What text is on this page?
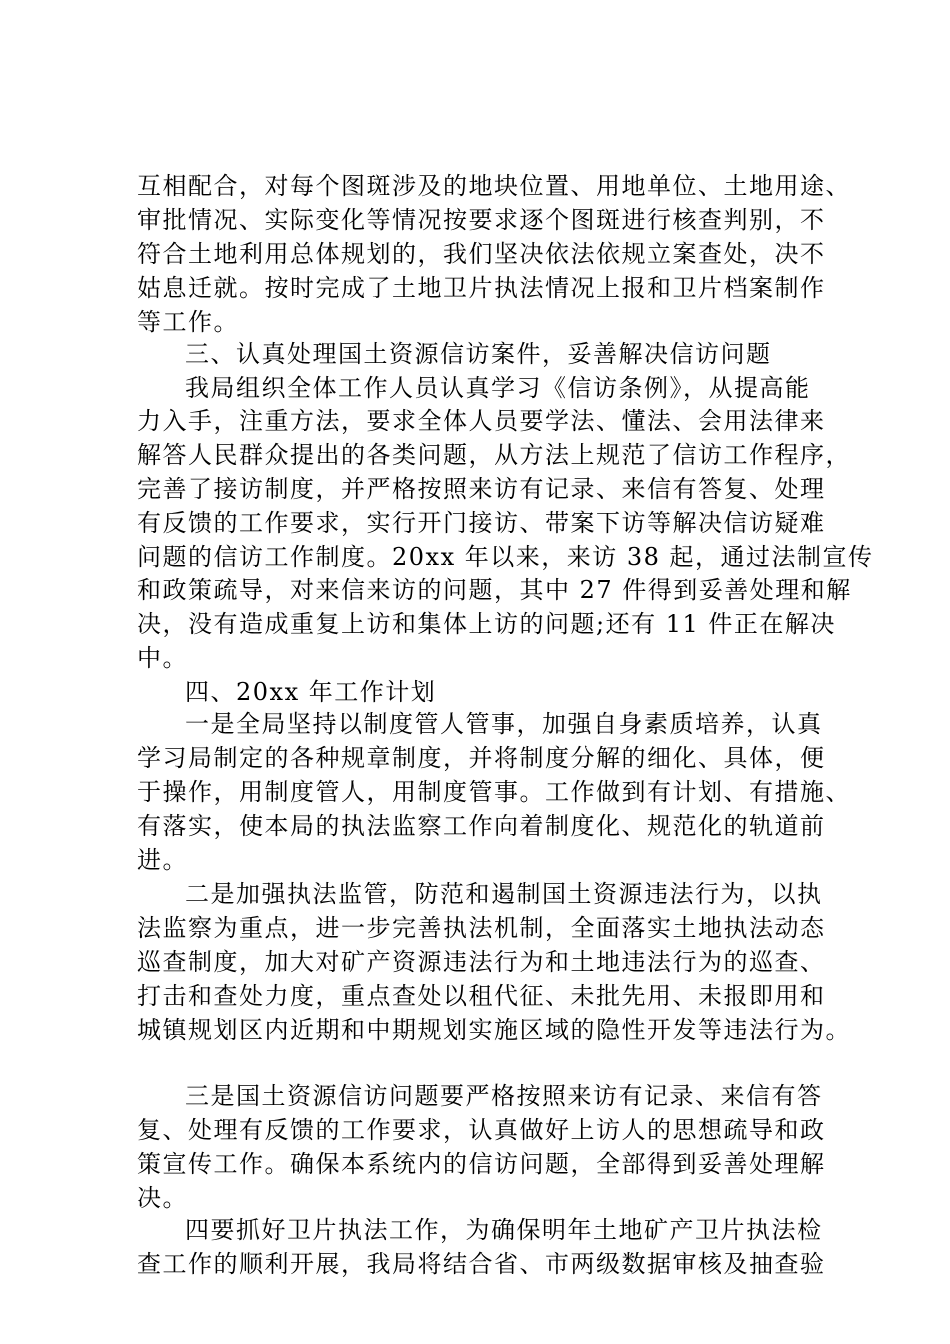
互相配合，对每个图斑涉及的地块位置、用地单位、土地用途、
审批情况、实际变化等情况按要求逐个图斑进行核查判别，不
符合土地利用总体规划的，我们坚决依法依规立案查处，决不
姑息迁就。按时完成了土地卫片执法情况上报和卫片档案制作
等工作。
三、认真处理国土资源信访案件，妥善解决信访问题
我局组织全体工作人员认真学习《信访条例》，从提高能
力入手，注重方法，要求全体人员要学法、懂法、会用法律来
解答人民群众提出的各类问题，从方法上规范了信访工作程序，
完善了接访制度，并严格按照来访有记录、来信有答复、处理
有反馈的工作要求，实行开门接访、带案下访等解决信访疑难
问题的信访工作制度。20xx 年以来，来访 38 起，通过法制宣传
和政策疏导，对来信来访的问题，其中 27 件得到妥善处理和解
决，没有造成重复上访和集体上访的问题;还有 11 件正在解决
中。
四、20xx 年工作计划
一是全局坚持以制度管人管事，加强自身素质培养，认真
学习局制定的各种规章制度，并将制度分解的细化、具体，便
于操作，用制度管人，用制度管事。工作做到有计划、有措施、
有落实，使本局的执法监察工作向着制度化、规范化的轨道前
进。
二是加强执法监管，防范和遏制国土资源违法行为，以执
法监察为重点，进一步完善执法机制，全面落实土地执法动态
巡查制度，加大对矿产资源违法行为和土地违法行为的巡查、
打击和查处力度，重点查处以租代征、未批先用、未报即用和
城镇规划区内近期和中期规划实施区域的隐性开发等违法行为。
三是国土资源信访问题要严格按照来访有记录、来信有答
复、处理有反馈的工作要求，认真做好上访人的思想疏导和政
策宣传工作。确保本系统内的信访问题，全部得到妥善处理解
决。
四要抓好卫片执法工作，为确保明年土地矿产卫片执法检
查工作的顺利开展，我局将结合省、市两级数据审核及抽查验
